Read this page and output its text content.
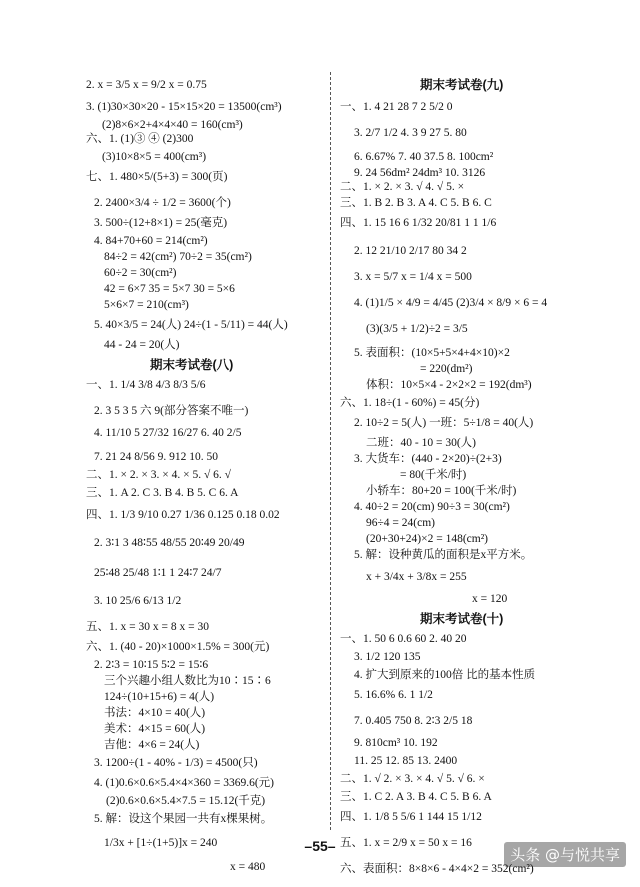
2. x = 3/5 x = 9/2 x = 0.75
3. (1)30×30×20 - 15×15×20 = 13500(cm³)
(2)8×6×2+4×4×40 = 160(cm³)
六、1. (1)③ ④ (2)300
(3)10×8×5 = 400(cm³)
七、1. 480×5/(5+3) = 300(页)
2. 2400×3/4 ÷ 1/2 = 3600(个)
3. 500÷(12+8×1) = 25(毫克)
4. 84+70+60 = 214(cm²)
84÷2 = 42(cm²) 70÷2 = 35(cm²)
60÷2 = 30(cm²)
42 = 6×7 35 = 5×7 30 = 5×6
5×6×7 = 210(cm³)
5. 40×3/5 = 24(人) 24÷(1 - 5/11) = 44(人)
44 - 24 = 20(人)
期末考试卷(八)
一、1. 1/4 3/8 4/3 8/3 5/6
2. 3 5 3 5 六 9(部分答案不唯一)
4. 11/10 5 27/32 16/27 6. 40 2/5
7. 21 24 8/56 9. 912 10. 50
二、1. × 2. × 3. × 4. × 5. √ 6. √
三、1. A 2. C 3. B 4. B 5. C 6. A
四、1. 1/3 9/10 0.27 1/36 0.125 0.18 0.02
2. 3∶1 3 48∶55 48/55 20∶49 20/49
25∶48 25/48 1∶1 1 24∶7 24/7
3. 10 25/6 6/13 1/2
五、1. x = 30 x = 8 x = 30
六、1. (40 - 20)×1000×1.5% = 300(元)
2. 2∶3 = 10∶15 5∶2 = 15∶6
三个兴趣小组人数比为10∶15∶6
124÷(10+15+6) = 4(人)
书法：4×10 = 40(人)
美术：4×15 = 60(人)
吉他：4×6 = 24(人)
3. 1200÷(1 - 40% - 1/3) = 4500(只)
4. (1)0.6×0.6×5.4×4×360 = 3369.6(元)
(2)0.6×0.6×5.4×7.5 = 15.12(千克)
5. 解：设这个果园一共有x棵果树。
1/3x + [1÷(1+5)]x = 240
x = 480
期末考试卷(九)
一、1. 4 21 28 7 2 5/2 0
3. 2/7 1/2 4. 3 9 27 5. 80
6. 6.67% 7. 40 37.5 8. 100cm²
9. 24 56dm² 24dm³ 10. 3126
二、1. × 2. × 3. √ 4. √ 5. ×
三、1. B 2. B 3. A 4. C 5. B 6. C
四、1. 15 16 6 1/32 20/81 1 1 1/6
2. 12 21/10 2/17 80 34 2
3. x = 5/7 x = 1/4 x = 500
4. (1)1/5 × 4/9 = 4/45 (2)3/4 × 8/9 × 6 = 4
(3)(3/5 + 1/2)÷2 = 3/5
5. 表面积：(10×5+5×4+4×10)×2
= 220(dm²)
体积：10×5×4 - 2×2×2 = 192(dm³)
六、1. 18÷(1 - 60%) = 45(分)
2. 10÷2 = 5(人) 一班：5÷1/8 = 40(人)
二班：40 - 10 = 30(人)
3. 大货车：(440 - 2×20)÷(2+3)
= 80(千米/时)
小轿车：80+20 = 100(千米/时)
4. 40÷2 = 20(cm) 90÷3 = 30(cm²)
96÷4 = 24(cm)
(20+30+24)×2 = 148(cm²)
5. 解：设种黄瓜的面积是x平方米。
x + 3/4x + 3/8x = 255
x = 120
期末考试卷(十)
一、1. 50 6 0.6 60 2. 40 20
3. 1/2 120 135
4. 扩大到原来的100倍 比的基本性质
5. 16.6% 6. 1 1/2
7. 0.405 750 8. 2∶3 2/5 18
9. 810cm³ 10. 192
11. 25 12. 85 13. 2400
二、1. √ 2. × 3. × 4. √ 5. √ 6. ×
三、1. C 2. A 3. B 4. C 5. B 6. A
四、1. 1/8 5 5/6 1 144 15 1/12
五、1. x = 2/9 x = 50 x = 16
六、表面积：8×8×6 - 4×4×2 = 352(cm²)
–55–	头条 @与悦共享
